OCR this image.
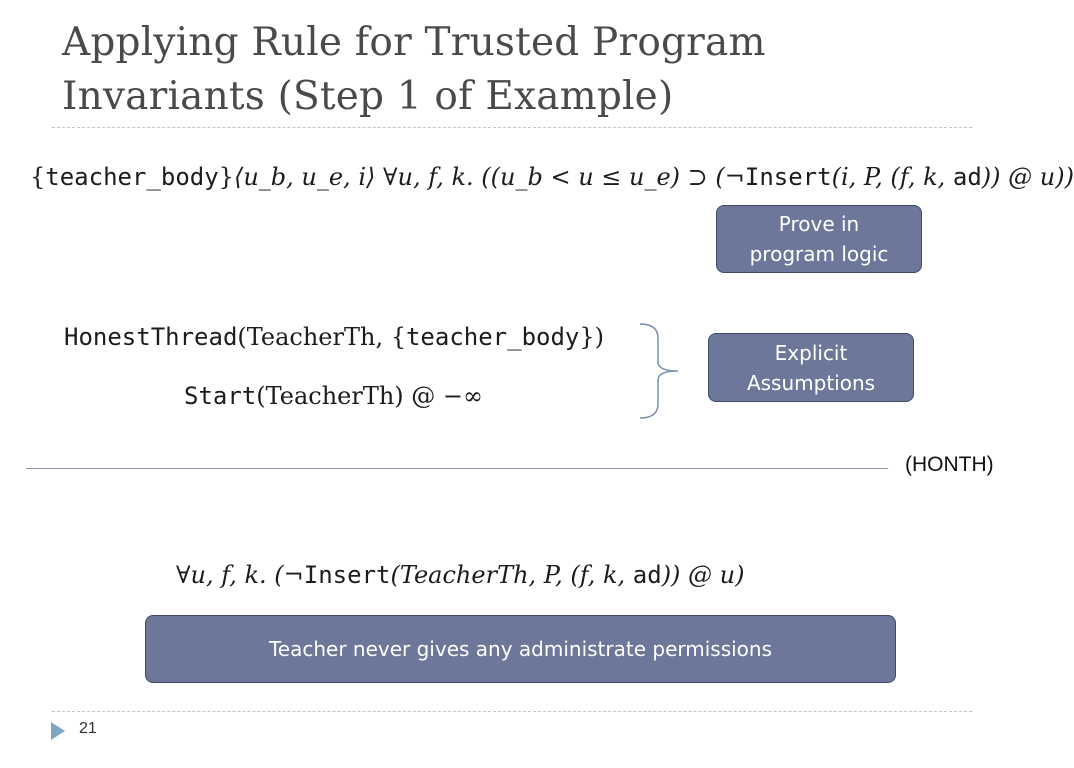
Applying Rule for Trusted Program
Invariants (Step 1 of Example)
{teacher_body}⟨u_b, u_e, i⟩ ∀u, f, k. ((u_b < u ≤ u_e) ⊃ (¬Insert(i, P, (f, k, ad)) @ u))
Prove in
program logic
HonestThread(TeacherTh, {teacher_body})
Start(TeacherTh) @ −∞
Explicit
Assumptions
(HONTH)
∀u, f, k. (¬Insert(TeacherTh, P, (f, k, ad)) @ u)
Teacher never gives any administrate permissions
21
